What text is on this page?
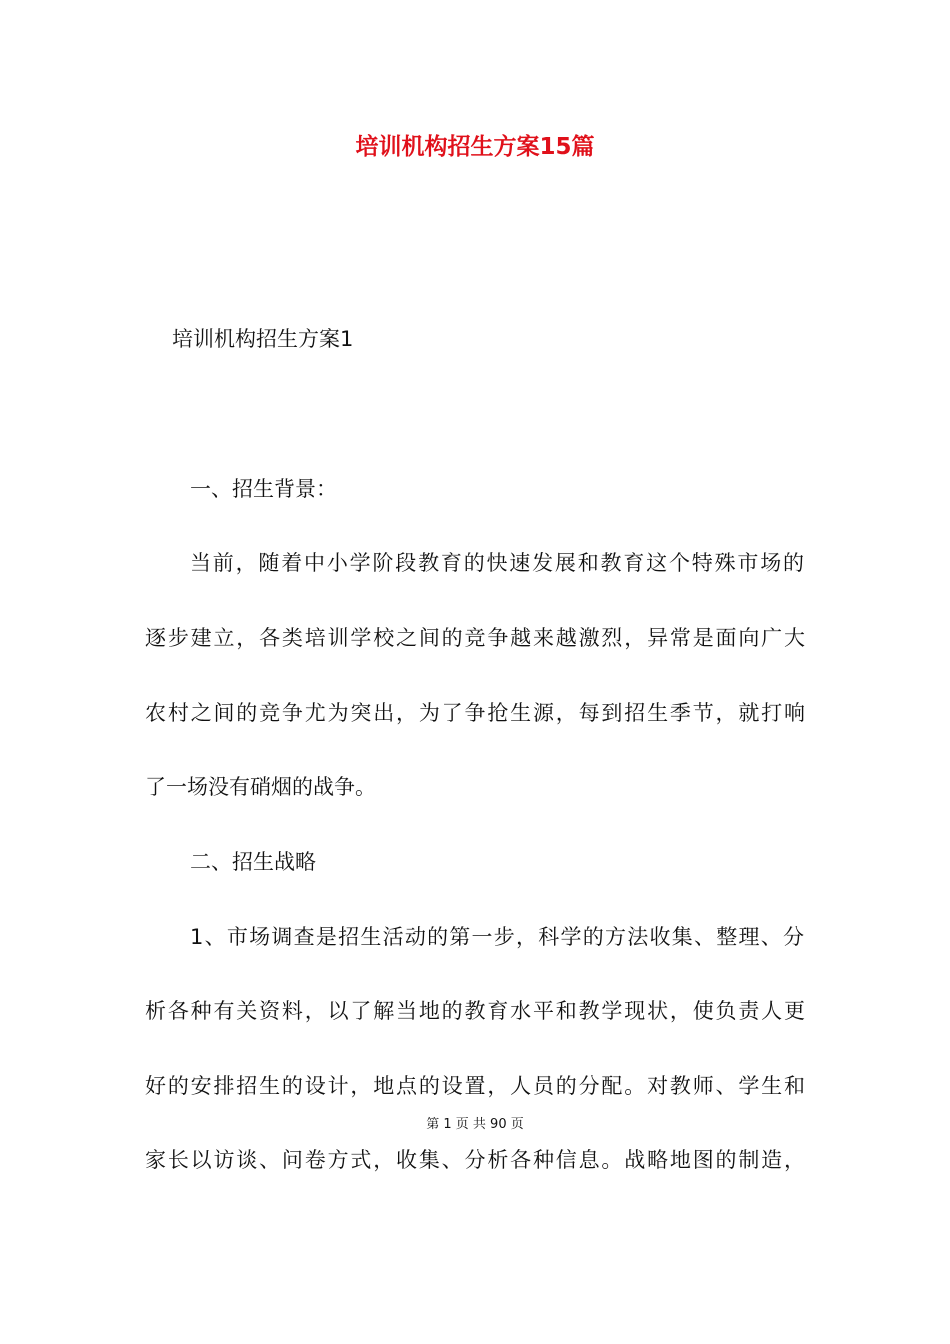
培训机构招生方案15篇
培训机构招生方案1
一、招生背景：
当前，随着中小学阶段教育的快速发展和教育这个特殊市场的
逐步建立，各类培训学校之间的竞争越来越激烈，异常是面向广大
农村之间的竞争尤为突出，为了争抢生源，每到招生季节，就打响
了一场没有硝烟的战争。
二、招生战略
1、市场调查是招生活动的第一步，科学的方法收集、整理、分
析各种有关资料，以了解当地的教育水平和教学现状，使负责人更
好的安排招生的设计，地点的设置，人员的分配。对教师、学生和
第 1 页 共 90 页
家长以访谈、问卷方式，收集、分析各种信息。战略地图的制造，
